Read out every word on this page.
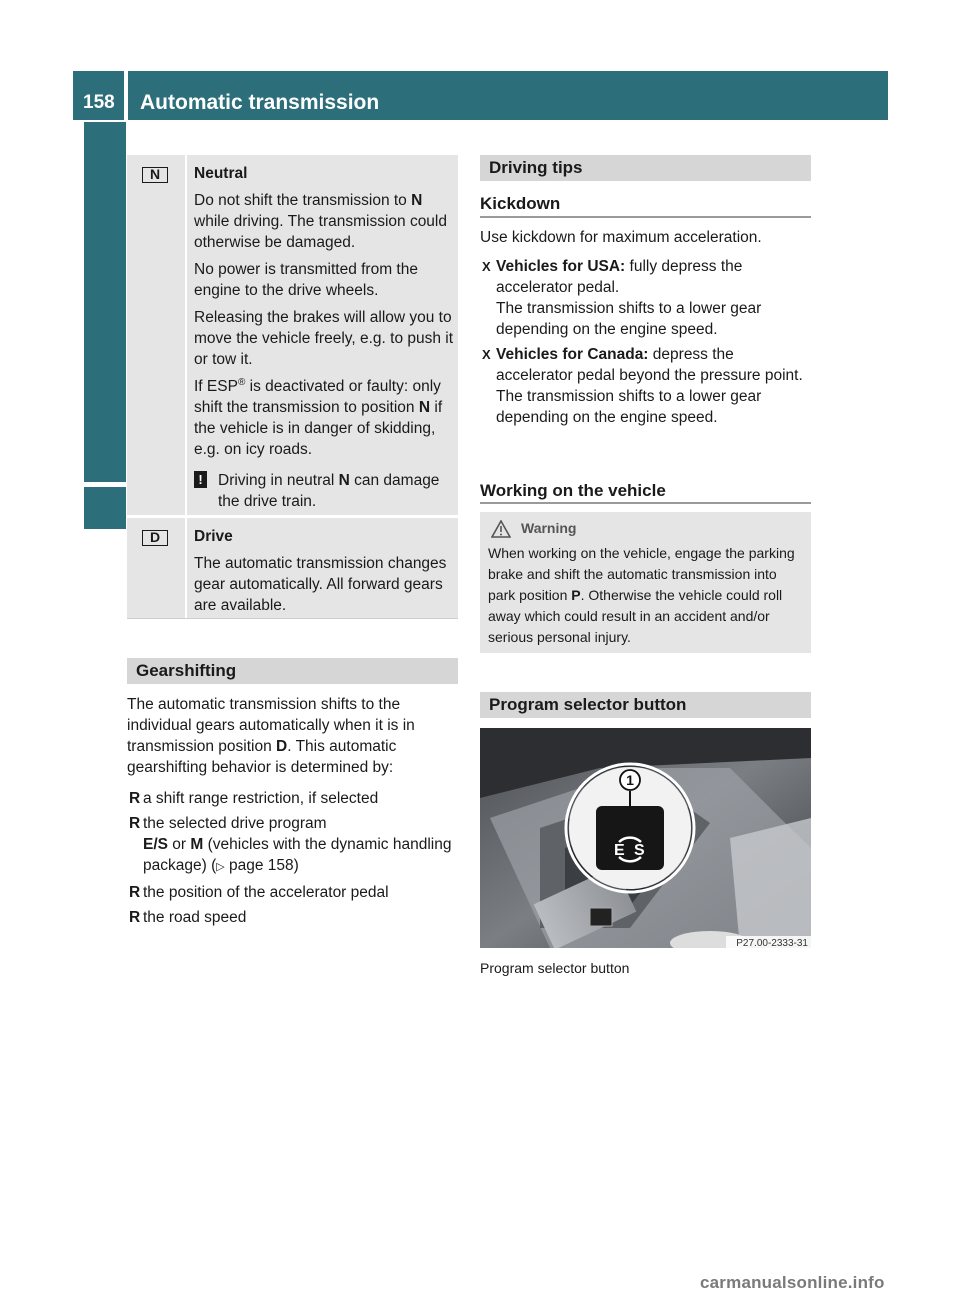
158	Automatic transmission
Driving and parking
N	Neutral

Do not shift the transmission to N while driving. The transmission could otherwise be damaged.

No power is transmitted from the engine to the drive wheels.

Releasing the brakes will allow you to move the vehicle freely, e.g. to push it or tow it.

If ESP® is deactivated or faulty: only shift the transmission to position N if the vehicle is in danger of skidding, e.g. on icy roads.

! Driving in neutral N can damage the drive train.

D	Drive

The automatic transmission changes gear automatically. All forward gears are available.

Gearshifting

The automatic transmission shifts to the individual gears automatically when it is in transmission position D. This automatic gearshifting behavior is determined by:

R a shift range restriction, if selected
R the selected drive program
E/S or M (vehicles with the dynamic handling package) (▷ page 158)
R the position of the accelerator pedal
R the road speed
Driving tips
Kickdown

Use kickdown for maximum acceleration.

X Vehicles for USA: fully depress the accelerator pedal.
The transmission shifts to a lower gear depending on the engine speed.
X Vehicles for Canada: depress the accelerator pedal beyond the pressure point.
The transmission shifts to a lower gear depending on the engine speed.
Working on the vehicle
Warning

When working on the vehicle, engage the parking brake and shift the automatic transmission into park position P. Otherwise the vehicle could roll away which could result in an accident and/or serious personal injury.

Program selector button
E S
1
P27.00-2333-31
Program selector button
carmanualsonline.info
